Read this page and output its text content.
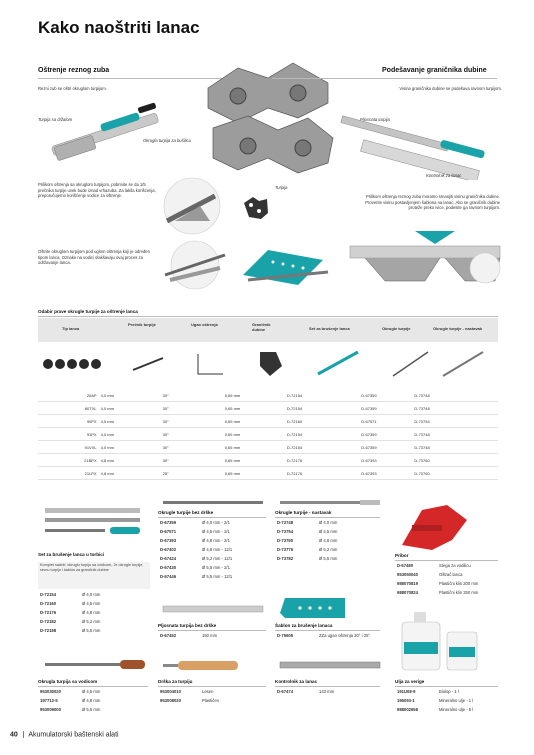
Kako naoštriti lanac
Oštrenje reznog zuba
Rezni zub se oštri okruglom turpijom.
Turpija sa držalom
Okrugla turpija za bušilicu
Prilikom oštrenja sa okruglom turpijom, pobrinite se da 1/5 prečnika turpije uvek bude iznad vrhazuba. Za lakša korišćenja, preporučujemo korišćenje vodice za oštrenje.
Turpija
Oštrite okruglom turpijom pod uglom oštrenja koji je određen tipom lanca. Oznake na vodici olakšavaju ovaj proces za održavanje lanca.
Podešavanje graničnika dubine
Visina graničnika dubine se podešava ravnom turpijom.
Pljosnata turpija
Kontrolnik za lanac
Prilikom oštrenja reznog zuba moramo smanjiti visinu graničnika dubine. Proverite visinu postavljenjem šablona na lanac. Ako se graničnik dubine proteže preko ivice, podesite ga ravnom turpijom.
Odabir prave okrugle turpije za oštrenje lanca
Tip lanca
Prečnik turpije	Ugao oštrenja	Graničnik dubine	Set za brušenje lanca	Okrugle turpije	Okrugle turpije - nastavak
25AP	4,0 mm	30°	0,65 mm	D-72154	D-67359	D-73748
80TXL	4,0 mm	30°	0,65 mm	D-72154	D-67359	D-73748
90PX	4,5 mm	30°	0,65 mm	D-72160	D-67571	D-73754
91PX	4,0 mm	30°	0,65 mm	D-72154	D-67359	D-73748
91VXL	4,0 mm	30°	0,65 mm	D-72154	D-67359	D-73748
21BPX	4,8 mm	30°	0,65 mm	D-72176	D-67393	D-73760
21LPX	4,8 mm	25°	0,65 mm	D-72176	D-67393	D-73760
Set za brušenje lanca u torbici
Komplet sadrži: okruglu turpiju sa vodicom, 2x okrugle turpije, ravnu turpiju i šablon za graničnik dubine
D-72154	Ø 4,0 mm
D-72160	Ø 4,5 mm
D-72176	Ø 4,8 mm
D-72182	Ø 5,2 mm
D-72198	Ø 5,5 mm
Okrugle turpije bez drške
D-67359	Ø 4,0 mm - 2/1
D-67571	Ø 4,5 mm - 2/1
D-67393	Ø 4,8 mm - 2/1
D-67402	Ø 4,8 mm - 12/1
D-67424	Ø 5,2 mm - 12/1
D-67430	Ø 5,5 mm - 2/1
D-67446	Ø 5,5 mm - 12/1
Okrugle turpije - nastavak
D-73748	Ø 4,0 mm
D-73754	Ø 4,5 mm
D-73760	Ø 4,8 mm
D-73776	Ø 5,2 mm
D-73782	Ø 5,5 mm
Pribor
D-67480	Stega za vodilicu
953050040	Oštrač lanca
988070819	Plastični klin 200 mm
988070824	Plastični klin 250 mm
Pljosnata turpija bez drške
D-67452	150 mm
Šablon za brušenje lanaca
D-75605	ZZa ugao oštrenja 30° i 25°
Okrugla turpija sa vodicom
953030020	Ø 4,5 mm
197712-5	Ø 4,8 mm
953009000	Ø 5,5 mm
Drška za turpiju
953004010	Lesen
953008020	Plastičen
Kontrolnik za lanac
D-67474	143 mm
Ulja za verige
191U08-9	Biolop - 1 l
195093-1	Mineralno ulje - 1 l
988002658	Mineralno ulje - 5 l
40 Akumulatorski baštenski alati
